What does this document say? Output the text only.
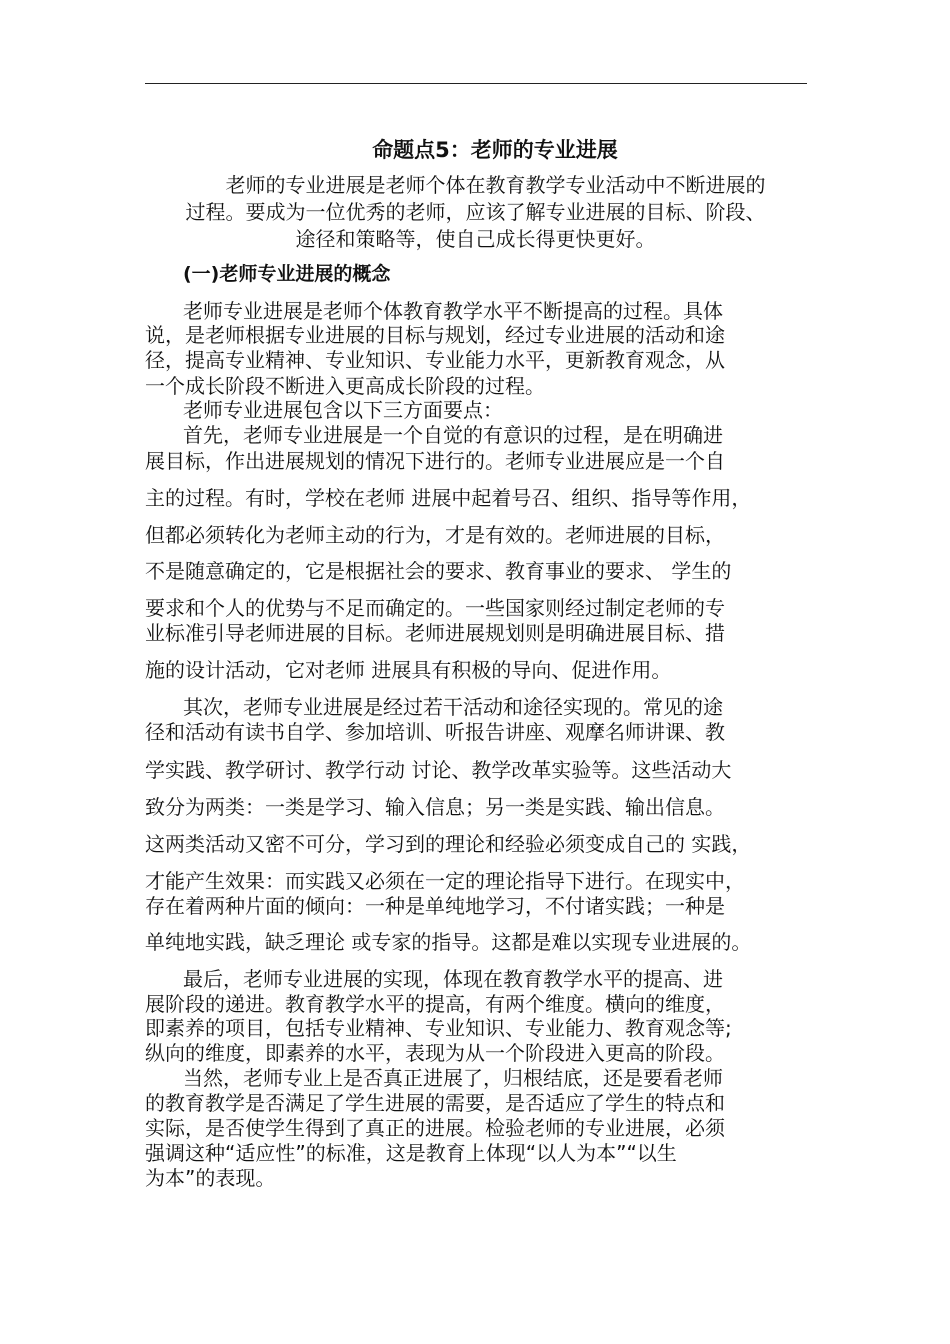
命题点5：老师的专业进展
老师的专业进展是老师个体在教育教学专业活动中不断进展的
过程。要成为一位优秀的老师，应该了解专业进展的目标、阶段、
途径和策略等，使自己成长得更快更好。
(一)老师专业进展的概念
老师专业进展是老师个体教育教学水平不断提高的过程。具体
说，是老师根据专业进展的目标与规划，经过专业进展的活动和途
径，提高专业精神、专业知识、专业能力水平，更新教育观念，从
一个成长阶段不断进入更高成长阶段的过程。
老师专业进展包含以下三方面要点：
首先，老师专业进展是一个自觉的有意识的过程，是在明确进
展目标，作出进展规划的情况下进行的。老师专业进展应是一个自
主的过程。有时，学校在老师 进展中起着号召、组织、指导等作用，
但都必须转化为老师主动的行为，才是有效的。老师进展的目标，
不是随意确定的，它是根据社会的要求、教育事业的要求、 学生的
要求和个人的优势与不足而确定的。一些国家则经过制定老师的专
业标准引导老师进展的目标。老师进展规划则是明确进展目标、措
施的设计活动，它对老师 进展具有积极的导向、促进作用。
其次，老师专业进展是经过若干活动和途径实现的。常见的途
径和活动有读书自学、参加培训、听报告讲座、观摩名师讲课、教
学实践、教学研讨、教学行动 讨论、教学改革实验等。这些活动大
致分为两类：一类是学习、输入信息；另一类是实践、输出信息。
这两类活动又密不可分，学习到的理论和经验必须变成自己的 实践，
才能产生效果：而实践又必须在一定的理论指导下进行。在现实中，
存在着两种片面的倾向：一种是单纯地学习，不付诸实践；一种是
单纯地实践，缺乏理论 或专家的指导。这都是难以实现专业进展的。
最后，老师专业进展的实现，体现在教育教学水平的提高、进
展阶段的递进。教育教学水平的提高，有两个维度。横向的维度，
即素养的项目，包括专业精神、专业知识、专业能力、教育观念等;
纵向的维度，即素养的水平，表现为从一个阶段进入更高的阶段。
当然，老师专业上是否真正进展了，归根结底，还是要看老师
的教育教学是否满足了学生进展的需要，是否适应了学生的特点和
实际，是否使学生得到了真正的进展。检验老师的专业进展，必须
强调这种“适应性”的标准，这是教育上体现“以人为本”“以生
为本”的表现。
